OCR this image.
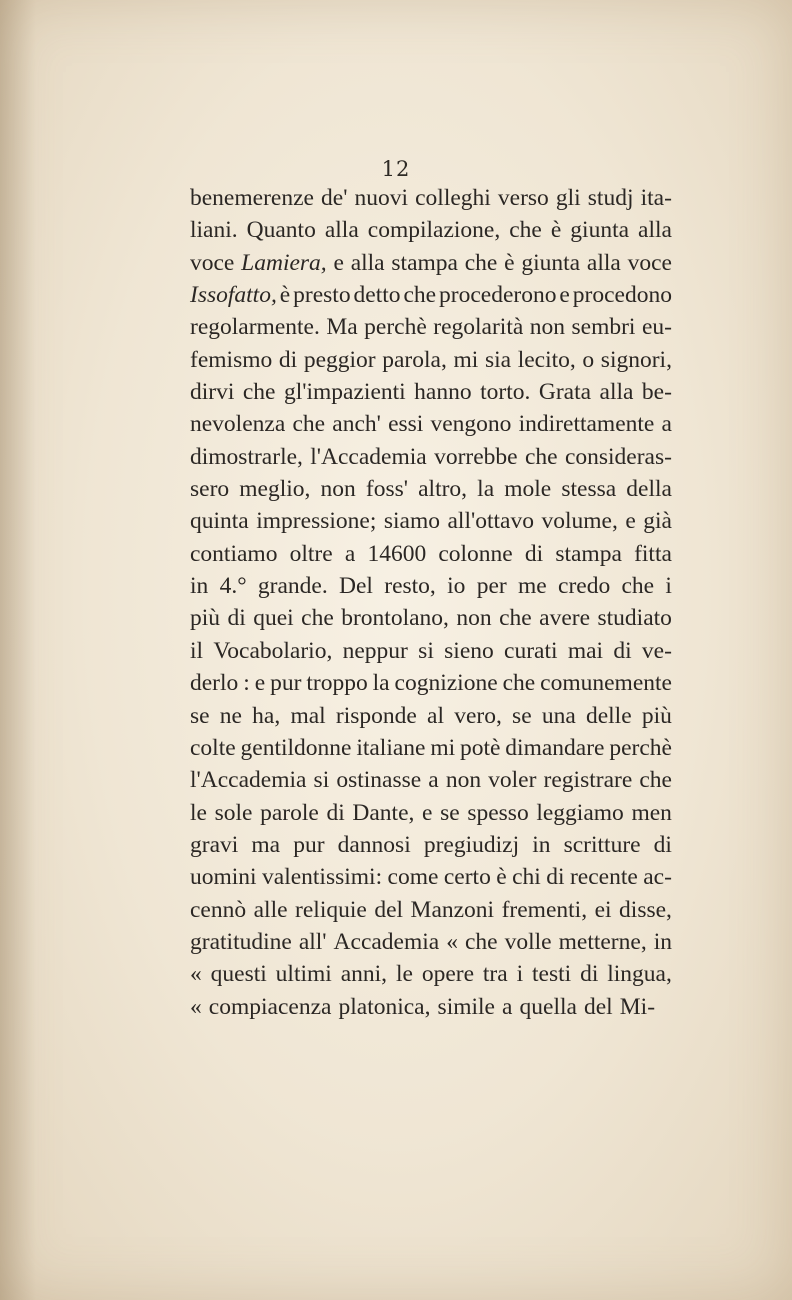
12
benemerenze de' nuovi colleghi verso gli studj ita-
liani. Quanto alla compilazione, che è giunta alla
voce Lamiera, e alla stampa che è giunta alla voce
Issofatto, è presto detto che procederono e procedono
regolarmente. Ma perchè regolarità non sembri eu-
femismo di peggior parola, mi sia lecito, o signori,
dirvi che gl'impazienti hanno torto. Grata alla be-
nevolenza che anch' essi vengono indirettamente a
dimostrarle, l'Accademia vorrebbe che consideras-
sero meglio, non foss' altro, la mole stessa della
quinta impressione; siamo all'ottavo volume, e già
contiamo oltre a 14600 colonne di stampa fitta
in 4.° grande. Del resto, io per me credo che i
più di quei che brontolano, non che avere studiato
il Vocabolario, neppur si sieno curati mai di ve-
derlo : e pur troppo la cognizione che comunemente
se ne ha, mal risponde al vero, se una delle più
colte gentildonne italiane mi potè dimandare perchè
l'Accademia si ostinasse a non voler registrare che
le sole parole di Dante, e se spesso leggiamo men
gravi ma pur dannosi pregiudizj in scritture di
uomini valentissimi: come certo è chi di recente ac-
cennò alle reliquie del Manzoni frementi, ei disse,
gratitudine all' Accademia « che volle metterne, in
« questi ultimi anni, le opere tra i testi di lingua,
« compiacenza platonica, simile a quella del Mi-
